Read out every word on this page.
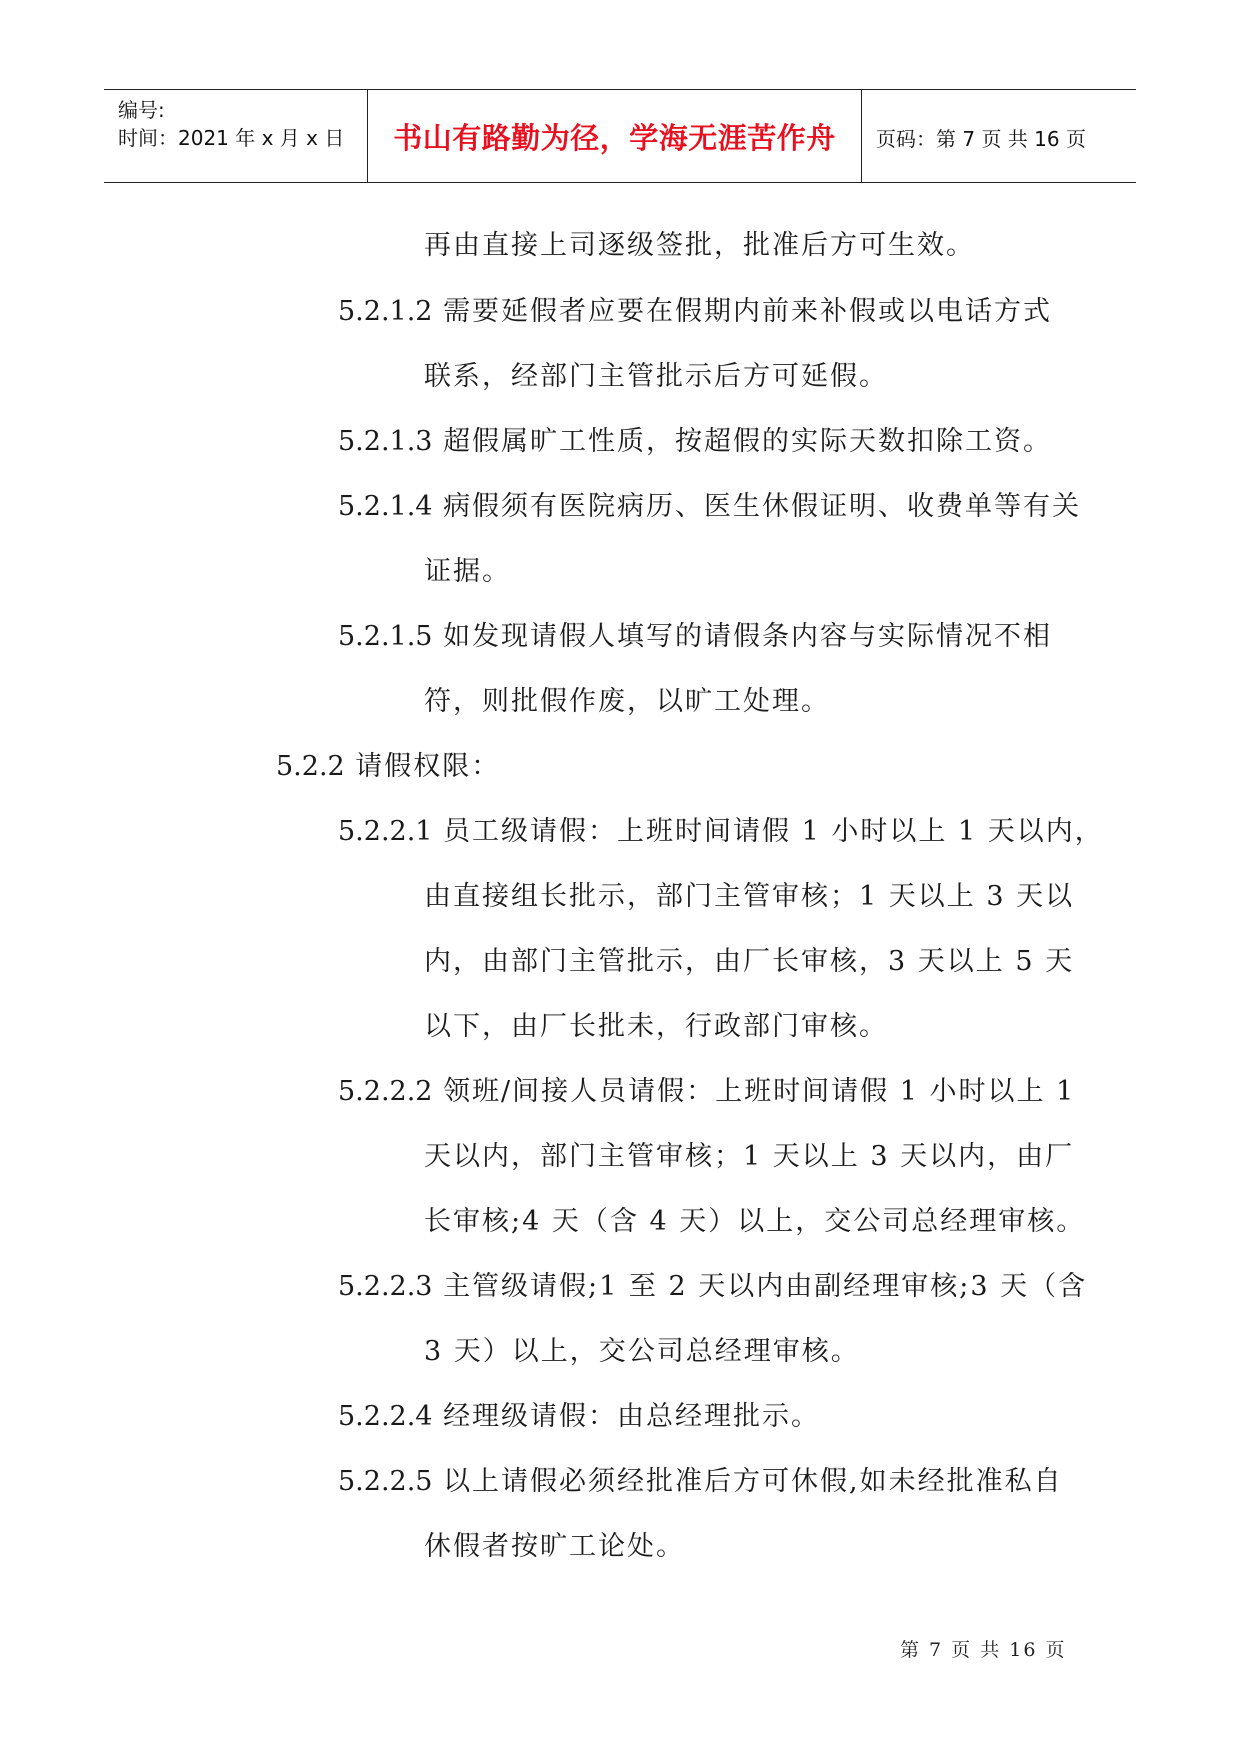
编号:
时间：2021 年 x 月 x 日	书山有路勤为径，学海无涯苦作舟	页码：第 7 页 共 16 页
再由直接上司逐级签批，批准后方可生效。
5.2.1.2 需要延假者应要在假期内前来补假或以电话方式
联系，经部门主管批示后方可延假。
5.2.1.3 超假属旷工性质，按超假的实际天数扣除工资。
5.2.1.4 病假须有医院病历、医生休假证明、收费单等有关
证据。
5.2.1.5 如发现请假人填写的请假条内容与实际情况不相
符，则批假作废，以旷工处理。
5.2.2 请假权限：
5.2.2.1 员工级请假：上班时间请假 1 小时以上 1 天以内，
由直接组长批示，部门主管审核；1 天以上 3 天以
内，由部门主管批示，由厂长审核，3 天以上 5 天
以下，由厂长批未，行政部门审核。
5.2.2.2 领班/间接人员请假：上班时间请假 1 小时以上 1
天以内，部门主管审核；1 天以上 3 天以内，由厂
长审核;4 天（含 4 天）以上，交公司总经理审核。
5.2.2.3 主管级请假;1 至 2 天以内由副经理审核;3 天（含
3 天）以上，交公司总经理审核。
5.2.2.4 经理级请假：由总经理批示。
5.2.2.5 以上请假必须经批准后方可休假,如未经批准私自
休假者按旷工论处。
第 7 页 共 16 页
